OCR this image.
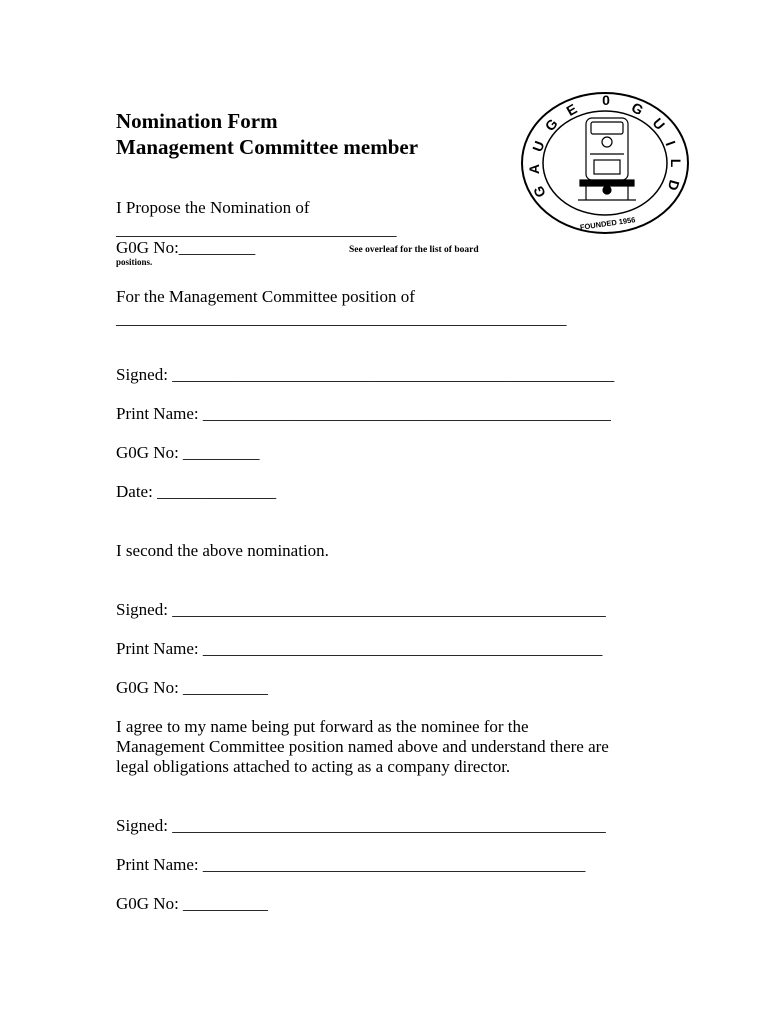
Nomination Form
Management Committee member
0
E
G
U
A
G
G
U
I
L
D
FOUNDED 1956
I Propose the Nomination of
_________________________________
G0G No:_________	See overleaf for the list of board
positions.
For the Management Committee position of
_____________________________________________________
Signed: ____________________________________________________
Print Name: ________________________________________________
G0G No: _________
Date: ______________
I second the above nomination.
Signed: ___________________________________________________
Print Name: _______________________________________________
G0G No: __________
I agree to my name being put forward as the nominee for the
Management Committee position named above and understand there are
legal obligations attached to acting as a company director.
Signed: ___________________________________________________
Print Name: _____________________________________________
G0G No: __________
